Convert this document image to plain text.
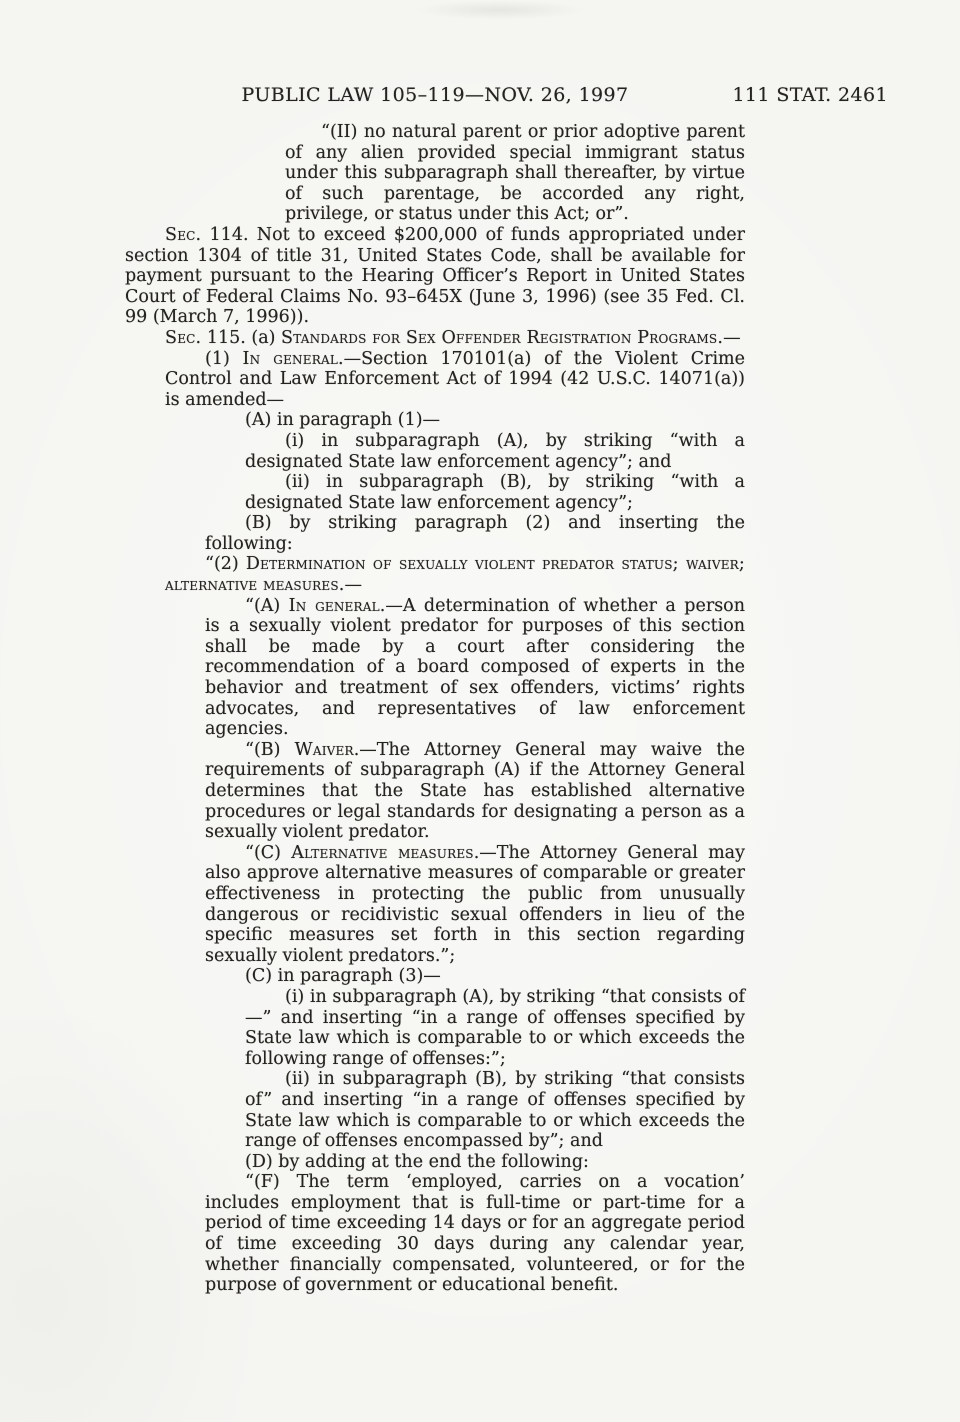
PUBLIC LAW 105–119—NOV. 26, 1997	111 STAT. 2461

“(II) no natural parent or prior adoptive parent of any alien provided special immigrant status under this subparagraph shall thereafter, by virtue of such parentage, be accorded any right, privilege, or status under this Act; or”.

Sec. 114. Not to exceed $200,000 of funds appropriated under section 1304 of title 31, United States Code, shall be available for payment pursuant to the Hearing Officer’s Report in United States Court of Federal Claims No. 93–645X (June 3, 1996) (see 35 Fed. Cl. 99 (March 7, 1996)).

Sec. 115. (a) Standards for Sex Offender Registration Programs.—

(1) In general.—Section 170101(a) of the Violent Crime Control and Law Enforcement Act of 1994 (42 U.S.C. 14071(a)) is amended—

(A) in paragraph (1)—

(i) in subparagraph (A), by striking “with a designated State law enforcement agency”; and

(ii) in subparagraph (B), by striking “with a designated State law enforcement agency”;

(B) by striking paragraph (2) and inserting the following:

“(2) Determination of sexually violent predator status; waiver; alternative measures.—

“(A) In general.—A determination of whether a person is a sexually violent predator for purposes of this section shall be made by a court after considering the recommendation of a board composed of experts in the behavior and treatment of sex offenders, victims’ rights advocates, and representatives of law enforcement agencies.

“(B) Waiver.—The Attorney General may waive the requirements of subparagraph (A) if the Attorney General determines that the State has established alternative procedures or legal standards for designating a person as a sexually violent predator.

“(C) Alternative measures.—The Attorney General may also approve alternative measures of comparable or greater effectiveness in protecting the public from unusually dangerous or recidivistic sexual offenders in lieu of the specific measures set forth in this section regarding sexually violent predators.”;

(C) in paragraph (3)—

(i) in subparagraph (A), by striking “that consists of—” and inserting “in a range of offenses specified by State law which is comparable to or which exceeds the following range of offenses:”;

(ii) in subparagraph (B), by striking “that consists of” and inserting “in a range of offenses specified by State law which is comparable to or which exceeds the range of offenses encompassed by”; and

(D) by adding at the end the following:

“(F) The term ‘employed, carries on a vocation’ includes employment that is full-time or part-time for a period of time exceeding 14 days or for an aggregate period of time exceeding 30 days during any calendar year, whether financially compensated, volunteered, or for the purpose of government or educational benefit.
